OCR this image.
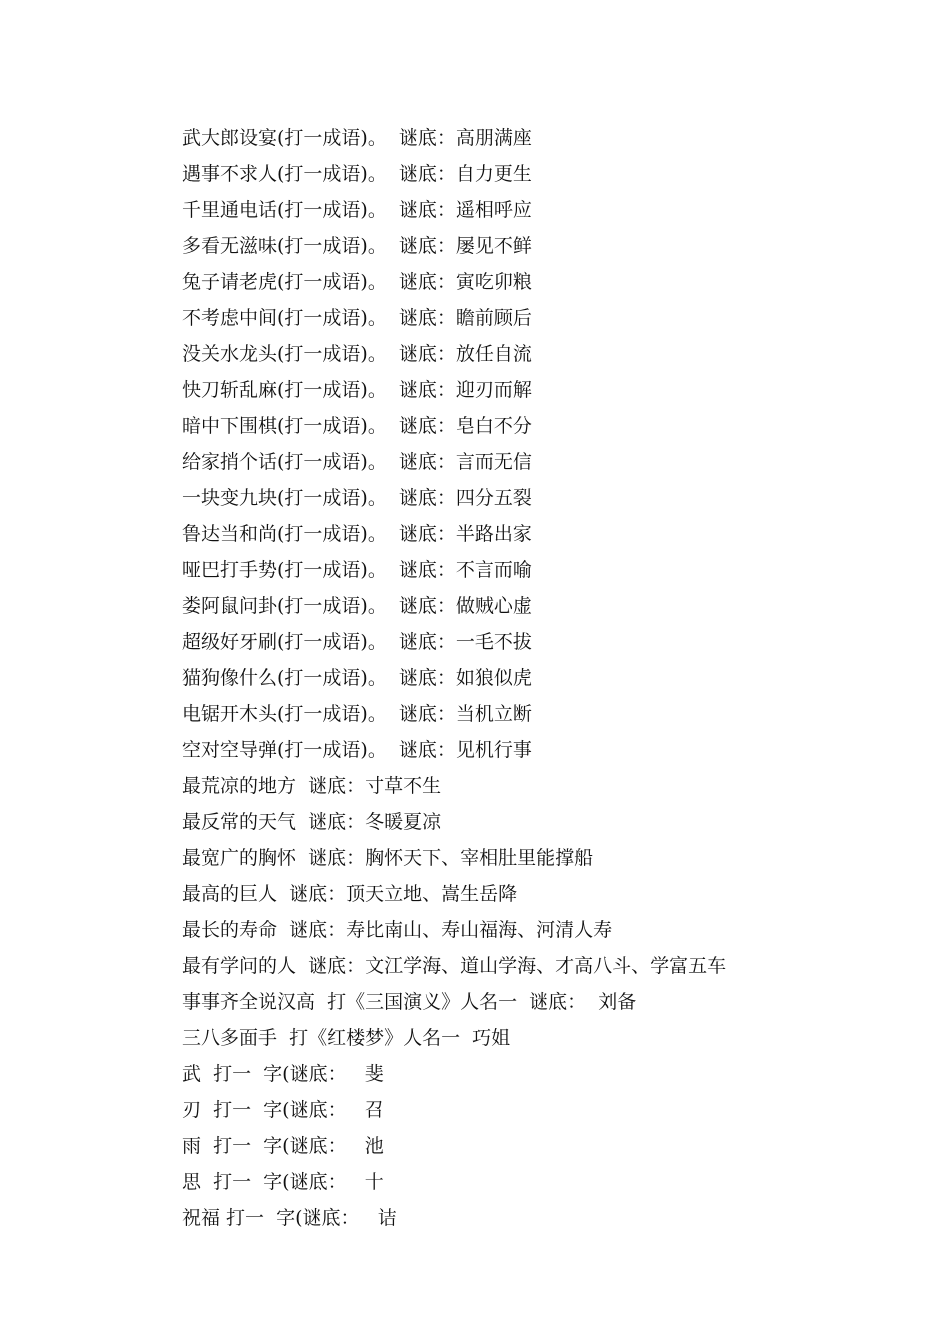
武大郎设宴(打一成语)。  谜底：高朋满座
遇事不求人(打一成语)。  谜底：自力更生
千里通电话(打一成语)。  谜底：遥相呼应
多看无滋味(打一成语)。  谜底：屡见不鲜
兔子请老虎(打一成语)。  谜底：寅吃卯粮
不考虑中间(打一成语)。  谜底：瞻前顾后
没关水龙头(打一成语)。  谜底：放任自流
快刀斩乱麻(打一成语)。  谜底：迎刃而解
暗中下围棋(打一成语)。  谜底：皂白不分
给家捎个话(打一成语)。  谜底：言而无信
一块变九块(打一成语)。  谜底：四分五裂
鲁达当和尚(打一成语)。  谜底：半路出家
哑巴打手势(打一成语)。  谜底：不言而喻
娄阿鼠问卦(打一成语)。  谜底：做贼心虚
超级好牙刷(打一成语)。  谜底：一毛不拔
猫狗像什么(打一成语)。  谜底：如狼似虎
电锯开木头(打一成语)。  谜底：当机立断
空对空导弹(打一成语)。  谜底：见机行事
最荒凉的地方  谜底：寸草不生
最反常的天气  谜底：冬暖夏凉
最宽广的胸怀  谜底：胸怀天下、宰相肚里能撑船
最高的巨人  谜底：顶天立地、嵩生岳降
最长的寿命  谜底：寿比南山、寿山福海、河清人寿
最有学问的人  谜底：文江学海、道山学海、才高八斗、学富五车
事事齐全说汉高  打《三国演义》人名一  谜底：  刘备
三八多面手  打《红楼梦》人名一  巧姐
武  打一  字(谜底：   斐
刃  打一  字(谜底：   召
雨  打一  字(谜底：   池
思  打一  字(谜底：   十
祝福 打一  字(谜底：   诘
